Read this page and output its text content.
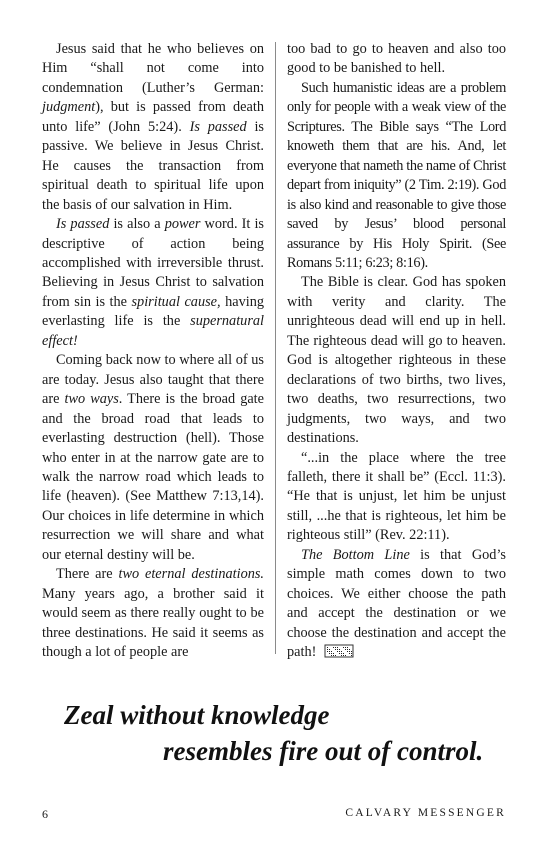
Jesus said that he who believes on Him “shall not come into condemnation (Luther’s German: judgment), but is passed from death unto life” (John 5:24). Is passed is passive. We believe in Jesus Christ. He causes the transaction from spiritual death to spiritual life upon the basis of our salvation in Him.

Is passed is also a power word. It is descriptive of action being accomplished with irreversible thrust. Believing in Jesus Christ to salvation from sin is the spiritual cause, having everlasting life is the supernatural effect!

Coming back now to where all of us are today. Jesus also taught that there are two ways. There is the broad gate and the broad road that leads to everlasting destruction (hell). Those who enter in at the narrow gate are to walk the narrow road which leads to life (heaven). (See Matthew 7:13,14). Our choices in life determine in which resurrection we will share and what our eternal destiny will be.

There are two eternal destinations. Many years ago, a brother said it would seem as there really ought to be three destinations. He said it seems as though a lot of people are

too bad to go to heaven and also too good to be banished to hell.

Such humanistic ideas are a problem only for people with a weak view of the Scriptures. The Bible says “The Lord knoweth them that are his. And, let everyone that nameth the name of Christ depart from iniquity” (2 Tim. 2:19). God is also kind and reasonable to give those saved by Jesus’ blood personal assurance by His Holy Spirit. (See Romans 5:11; 6:23; 8:16).

The Bible is clear. God has spoken with verity and clarity. The unrighteous dead will end up in hell. The righteous dead will go to heaven. God is altogether righteous in these declarations of two births, two lives, two deaths, two resurrections, two judgments, two ways, and two destinations.

“...in the place where the tree falleth, there it shall be” (Eccl. 11:3). “He that is unjust, let him be unjust still, ...he that is righteous, let him be righteous still” (Rev. 22:11).

The Bottom Line is that God’s simple math comes down to two choices. We either choose the path and accept the destination or we choose the destination and accept the path!

Zeal without knowledge
resembles fire out of control.
6	CALVARY MESSENGER
